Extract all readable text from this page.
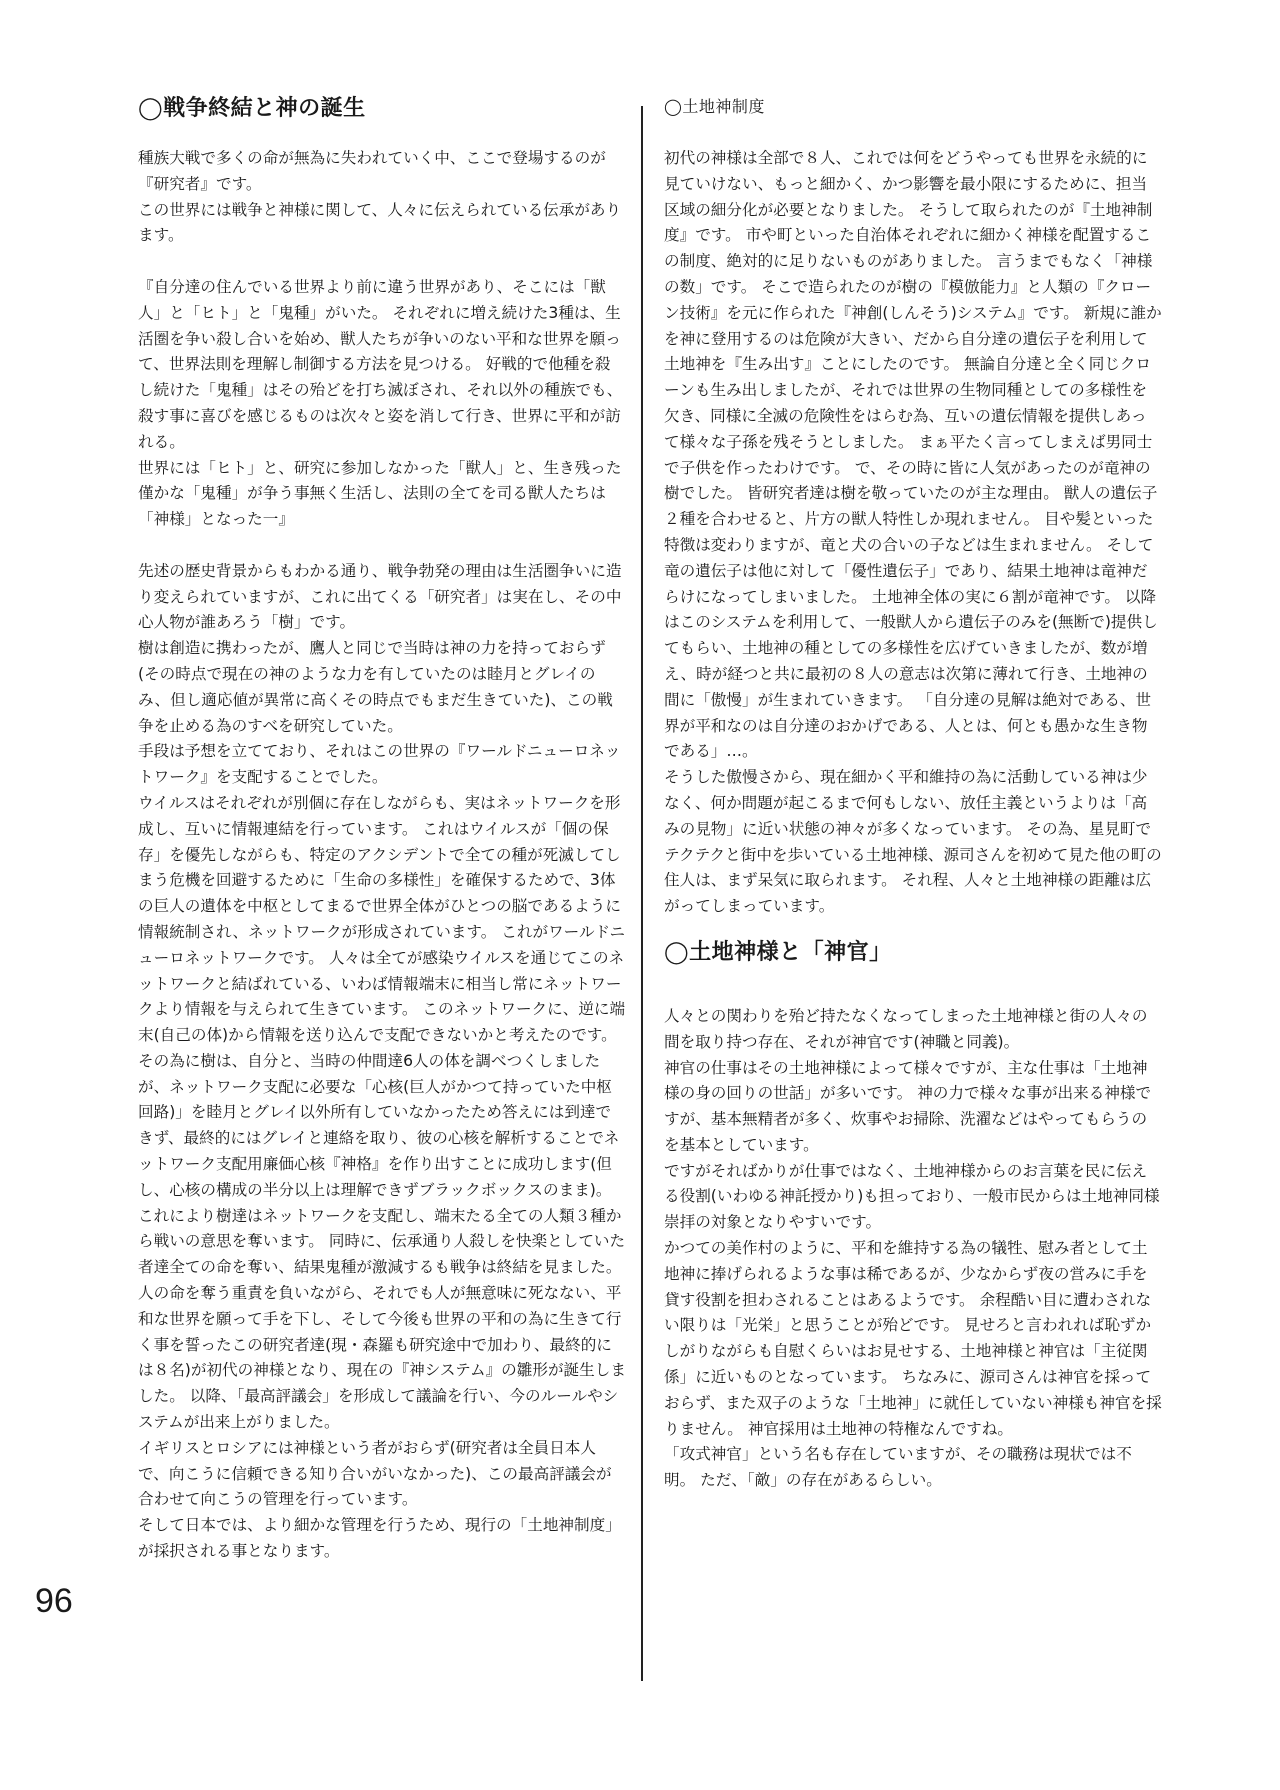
◯戦争終結と神の誕生

種族大戦で多くの命が無為に失われていく中、ここで登場するのが『研究者』です。
この世界には戦争と神様に関して、人々に伝えられている伝承があります。

『自分達の住んでいる世界より前に違う世界があり、そこには「獣人」と「ヒト」と「鬼種」がいた。 それぞれに増え続けた3種は、生活圏を争い殺し合いを始め、獣人たちが争いのない平和な世界を願って、世界法則を理解し制御する方法を見つける。 好戦的で他種を殺し続けた「鬼種」はその殆どを打ち滅ぼされ、それ以外の種族でも、殺す事に喜びを感じるものは次々と姿を消して行き、世界に平和が訪れる。
世界には「ヒト」と、研究に参加しなかった「獣人」と、生き残った僅かな「鬼種」が争う事無く生活し、法則の全てを司る獣人たちは「神様」となった一』

先述の歴史背景からもわかる通り、戦争勃発の理由は生活圏争いに造り変えられていますが、これに出てくる「研究者」は実在し、その中心人物が誰あろう「樹」です。
樹は創造に携わったが、鷹人と同じで当時は神の力を持っておらず(その時点で現在の神のような力を有していたのは睦月とグレイのみ、但し適応値が異常に高くその時点でもまだ生きていた)、この戦争を止める為のすべを研究していた。
手段は予想を立てており、それはこの世界の『ワールドニューロネットワーク』を支配することでした。
ウイルスはそれぞれが別個に存在しながらも、実はネットワークを形成し、互いに情報連結を行っています。 これはウイルスが「個の保存」を優先しながらも、特定のアクシデントで全ての種が死滅してしまう危機を回避するために「生命の多様性」を確保するためで、3体の巨人の遺体を中枢としてまるで世界全体がひとつの脳であるように情報統制され、ネットワークが形成されています。 これがワールドニューロネットワークです。 人々は全てが感染ウイルスを通じてこのネットワークと結ばれている、いわば情報端末に相当し常にネットワークより情報を与えられて生きています。 このネットワークに、逆に端末(自己の体)から情報を送り込んで支配できないかと考えたのです。 その為に樹は、自分と、当時の仲間達6人の体を調べつくしましたが、ネットワーク支配に必要な「心核(巨人がかつて持っていた中枢回路)」を睦月とグレイ以外所有していなかったため答えには到達できず、最終的にはグレイと連絡を取り、彼の心核を解析することでネットワーク支配用廉価心核『神格』を作り出すことに成功します(但し、心核の構成の半分以上は理解できずブラックボックスのまま)。 これにより樹達はネットワークを支配し、端末たる全ての人類３種から戦いの意思を奪います。 同時に、伝承通り人殺しを快楽としていた者達全ての命を奪い、結果鬼種が激減するも戦争は終結を見ました。 人の命を奪う重責を負いながら、それでも人が無意味に死なない、平和な世界を願って手を下し、そして今後も世界の平和の為に生きて行く事を誓ったこの研究者達(現・森羅も研究途中で加わり、最終的には８名)が初代の神様となり、現在の『神システム』の雛形が誕生しました。 以降、「最高評議会」を形成して議論を行い、今のルールやシステムが出来上がりました。
イギリスとロシアには神様という者がおらず(研究者は全員日本人で、向こうに信頼できる知り合いがいなかった)、この最高評議会が合わせて向こうの管理を行っています。
そして日本では、より細かな管理を行うため、現行の「土地神制度」が採択される事となります。

◯土地神制度

初代の神様は全部で８人、これでは何をどうやっても世界を永続的に見ていけない、もっと細かく、かつ影響を最小限にするために、担当区域の細分化が必要となりました。 そうして取られたのが『土地神制度』です。 市や町といった自治体それぞれに細かく神様を配置するこの制度、絶対的に足りないものがありました。 言うまでもなく「神様の数」です。 そこで造られたのが樹の『模倣能力』と人類の『クローン技術』を元に作られた『神創(しんそう)システム』です。 新規に誰かを神に登用するのは危険が大きい、だから自分達の遺伝子を利用して土地神を『生み出す』ことにしたのです。 無論自分達と全く同じクローンも生み出しましたが、それでは世界の生物同種としての多様性を欠き、同様に全滅の危険性をはらむ為、互いの遺伝情報を提供しあって様々な子孫を残そうとしました。 まぁ平たく言ってしまえば男同士で子供を作ったわけです。 で、その時に皆に人気があったのが竜神の樹でした。 皆研究者達は樹を敬っていたのが主な理由。 獣人の遺伝子２種を合わせると、片方の獣人特性しか現れません。 目や髪といった特徴は変わりますが、竜と犬の合いの子などは生まれません。 そして竜の遺伝子は他に対して「優性遺伝子」であり、結果土地神は竜神だらけになってしまいました。 土地神全体の実に６割が竜神です。 以降はこのシステムを利用して、一般獣人から遺伝子のみを(無断で)提供してもらい、土地神の種としての多様性を広げていきましたが、数が増え、時が経つと共に最初の８人の意志は次第に薄れて行き、土地神の間に「傲慢」が生まれていきます。 「自分達の見解は絶対である、世界が平和なのは自分達のおかげである、人とは、何とも愚かな生き物である」…。
そうした傲慢さから、現在細かく平和維持の為に活動している神は少なく、何か問題が起こるまで何もしない、放任主義というよりは「高みの見物」に近い状態の神々が多くなっています。 その為、星見町でテクテクと街中を歩いている土地神様、源司さんを初めて見た他の町の住人は、まず呆気に取られます。 それ程、人々と土地神様の距離は広がってしまっています。

◯土地神様と「神官」

人々との関わりを殆ど持たなくなってしまった土地神様と街の人々の間を取り持つ存在、それが神官です(神職と同義)。
神官の仕事はその土地神様によって様々ですが、主な仕事は「土地神様の身の回りの世話」が多いです。 神の力で様々な事が出来る神様ですが、基本無精者が多く、炊事やお掃除、洗濯などはやってもらうのを基本としています。
ですがそればかりが仕事ではなく、土地神様からのお言葉を民に伝える役割(いわゆる神託授かり)も担っており、一般市民からは土地神同様崇拝の対象となりやすいです。
かつての美作村のように、平和を維持する為の犠牲、慰み者として土地神に捧げられるような事は稀であるが、少なからず夜の営みに手を貸す役割を担わされることはあるようです。 余程酷い目に遭わされない限りは「光栄」と思うことが殆どです。 見せろと言われれば恥ずかしがりながらも自慰くらいはお見せする、土地神様と神官は「主従関係」に近いものとなっています。 ちなみに、源司さんは神官を採っておらず、また双子のような「土地神」に就任していない神様も神官を採りません。 神官採用は土地神の特権なんですね。
「攻式神官」という名も存在していますが、その職務は現状では不明。 ただ、「敵」の存在があるらしい。

96
